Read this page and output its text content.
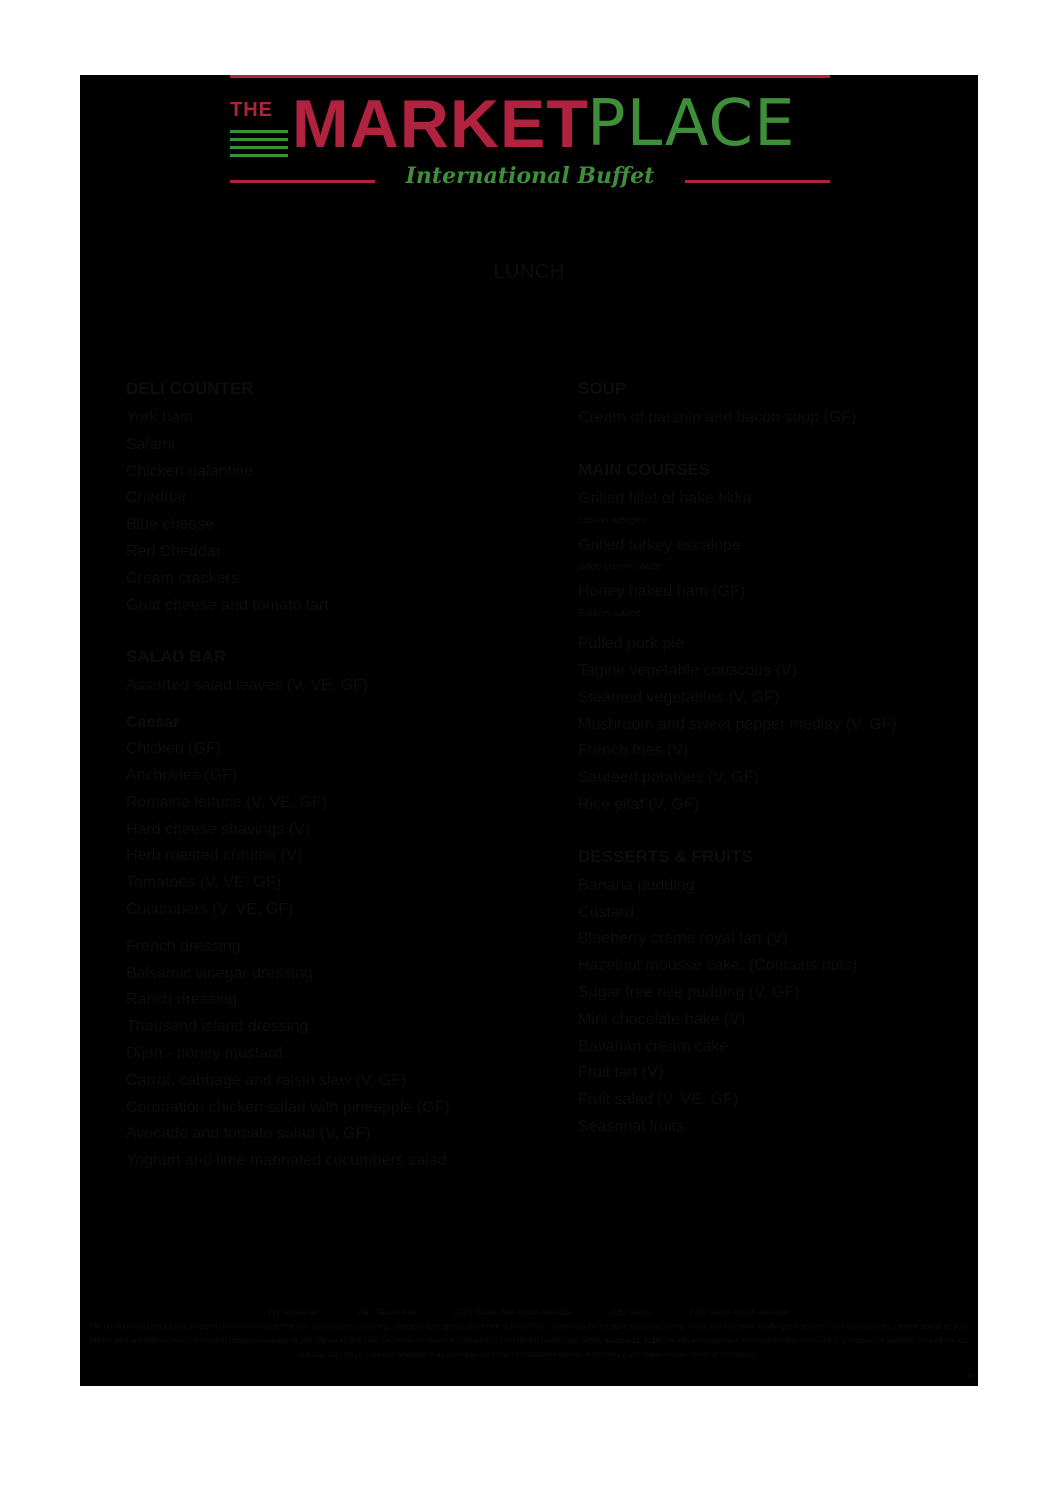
THE MARKET
PLACE
International Buffet
LUNCH
DELI COUNTER
York ham
Salami
Chicken galantine
Cheddar
Blue cheese
Red Cheddar
Cream crackers
Goat cheese and tomato tart
SALAD BAR
Assorted salad leaves (V, VE, GF)
Caesar
Chicken (GF)
Anchovies (GF)
Romaine lettuce (V, VE, GF)
Hard cheese shavings (V)
Herb roasted crouton (V)
Tomatoes (V, VE, GF)
Cucumbers (V, VE, GF)
French dressing
Balsamic vinegar dressing
Ranch dressing
Thousand island dressing
Dijon - honey mustard
Carrot, cabbage and raisin slaw (V, GF)
Coronation chicken salad with pineapple (GF)
Avocado and tomato salad (V, GF)
Yoghurt and lime marinated cucumbers salad
SOUP
Cream of parsnip and bacon soup (GF)
MAIN COURSES
Grilled fillet of hake tikka
Lemon wedges
Grilled turkey escalope
Sage cream sauce
Honey baked ham (GF)
Parsley sauce
Pulled pork pie
Tagine vegetable couscous (V)
Steamed vegetables (V, GF)
Mushroom and sweet pepper medley (V, GF)
French fries (V)
Sautéed potatoes (V, GF)
Rice pilaf (V, GF)
DESSERTS & FRUITS
Banana pudding
Custard
Blueberry crème royal tart (V)
Hazelnut mousse cake, (Contains nuts)
Sugar free rice pudding (V, GF)
Mini chocolate bake (V)
Bavarian cream cake
Fruit tart (V)
Fruit salad (V, VE, GF)
Seasonal fruits
(V) Vegetarian	(GF) Gluten-free	(GO) Gluten-free option available	(VE) Vegan	(VO) Vegan option available
*All our food and drinks are prepared in environments that use ingredients containing allergens and gluten and there is a risk that traces may be found in prepared items. If you are sensitive to allergens and/ or have intolerances, please speak to your Waiter who will advise you of the menu options available to you. While all the food we serve on board is prepared to the highest health and safety standards, public health services have determined that consuming uncooked or partially cooked meats, poultry, fish, eggs, milk and shellfish may increase your risk of foodborne illness, especially if you have certain medical conditions.
06
